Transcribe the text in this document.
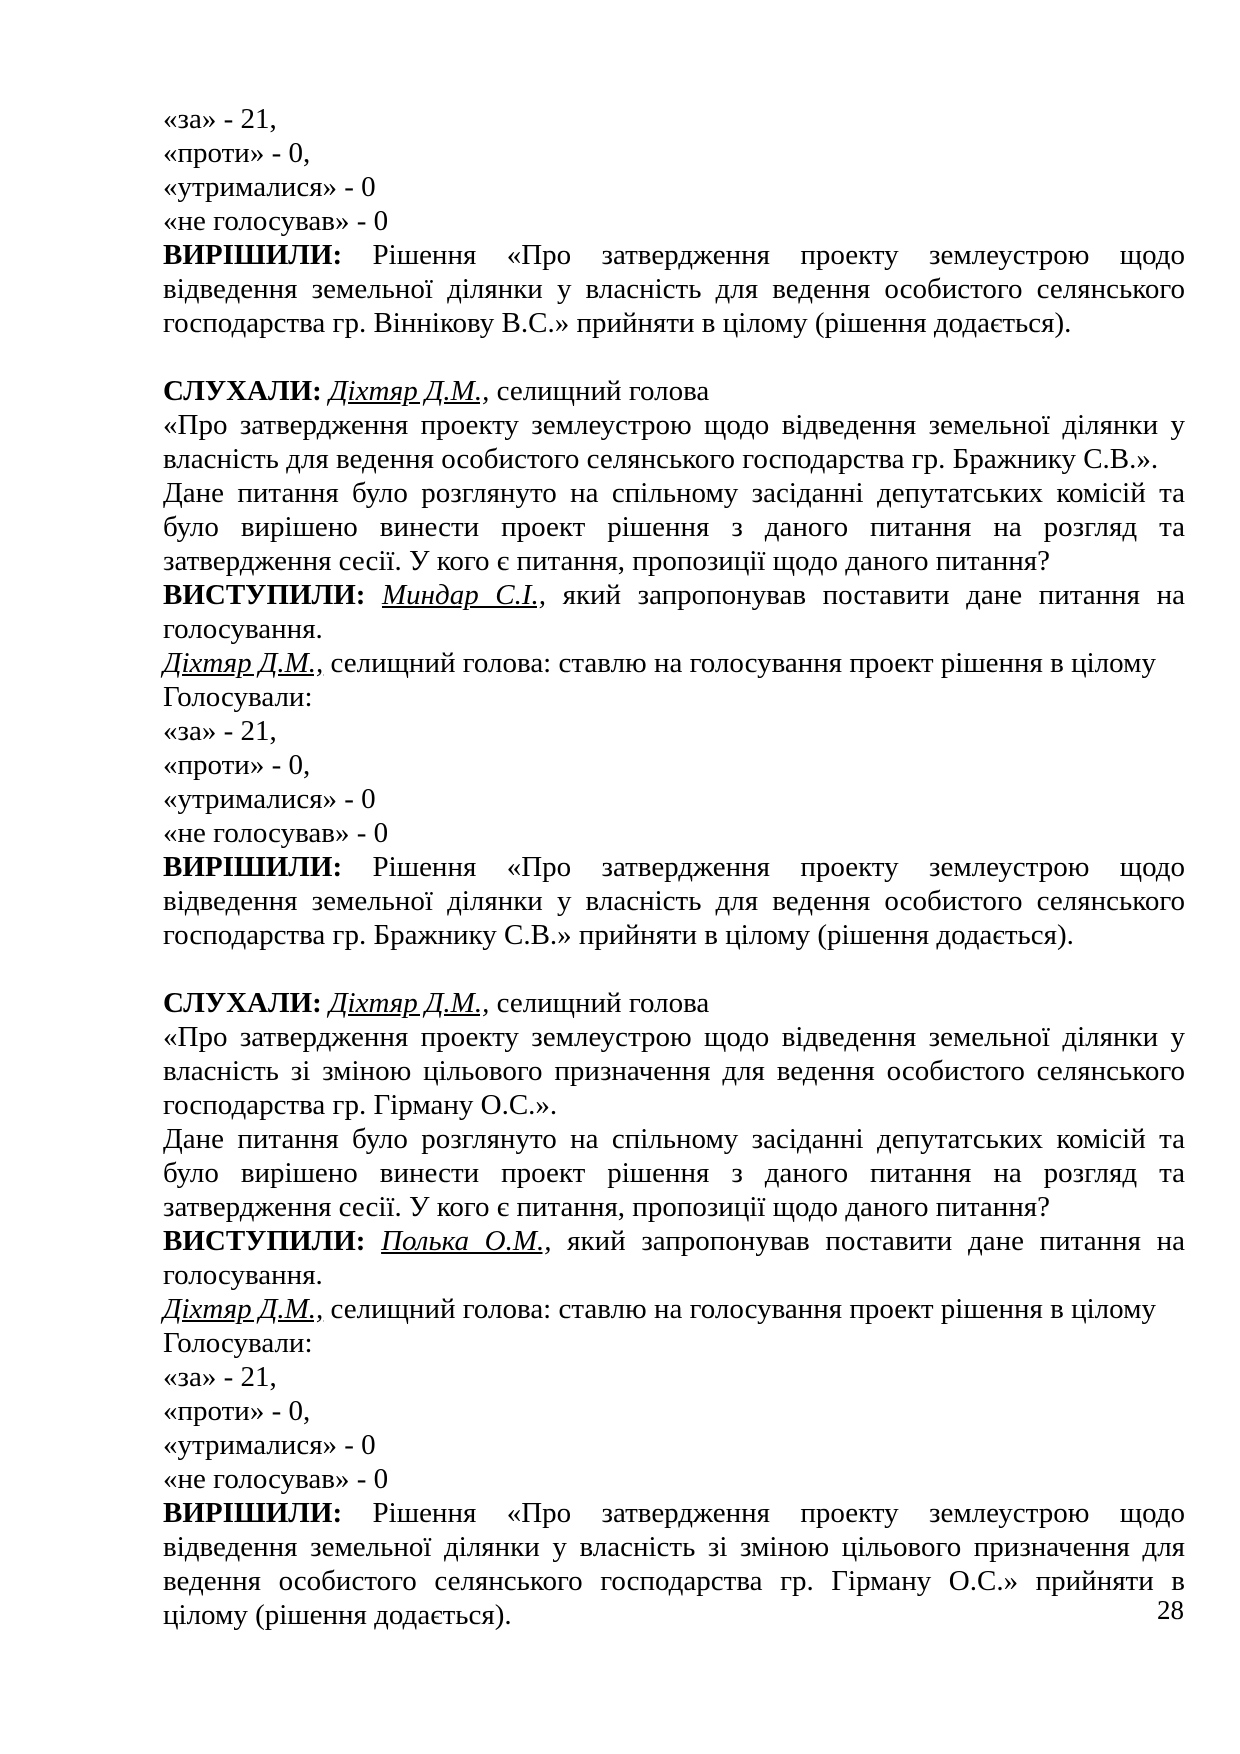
«за» - 21,
«проти» - 0,
«утрималися» - 0
«не голосував» - 0
ВИРІШИЛИ: Рішення «Про затвердження проекту землеустрою щодо
відведення земельної ділянки у власність для ведення особистого селянського
господарства гр. Віннікову В.С.» прийняти в цілому (рішення додається).
СЛУХАЛИ: Діхтяр Д.М., селищний голова
«Про затвердження проекту землеустрою щодо відведення земельної ділянки у
власність для ведення особистого селянського господарства гр. Бражнику С.В.».
Дане питання було розглянуто на спільному засіданні депутатських комісій та
було вирішено винести проект рішення з даного питання на розгляд та
затвердження сесії. У кого є питання, пропозиції щодо даного питання?
ВИСТУПИЛИ: Миндар С.І., який запропонував поставити дане питання на
голосування.
Діхтяр Д.М., селищний голова: ставлю на голосування проект рішення в цілому
Голосували:
«за» - 21,
«проти» - 0,
«утрималися» - 0
«не голосував» - 0
ВИРІШИЛИ: Рішення «Про затвердження проекту землеустрою щодо
відведення земельної ділянки у власність для ведення особистого селянського
господарства гр. Бражнику С.В.» прийняти в цілому (рішення додається).
СЛУХАЛИ: Діхтяр Д.М., селищний голова
«Про затвердження проекту землеустрою щодо відведення земельної ділянки у
власність зі зміною цільового призначення для ведення особистого селянського
господарства гр. Гірману О.С.».
Дане питання було розглянуто на спільному засіданні депутатських комісій та
було вирішено винести проект рішення з даного питання на розгляд та
затвердження сесії. У кого є питання, пропозиції щодо даного питання?
ВИСТУПИЛИ: Полька О.М., який запропонував поставити дане питання на
голосування.
Діхтяр Д.М., селищний голова: ставлю на голосування проект рішення в цілому
Голосували:
«за» - 21,
«проти» - 0,
«утрималися» - 0
«не голосував» - 0
ВИРІШИЛИ: Рішення «Про затвердження проекту землеустрою щодо
відведення земельної ділянки у власність зі зміною цільового призначення для
ведення особистого селянського господарства гр. Гірману О.С.» прийняти в
цілому (рішення додається).	28
